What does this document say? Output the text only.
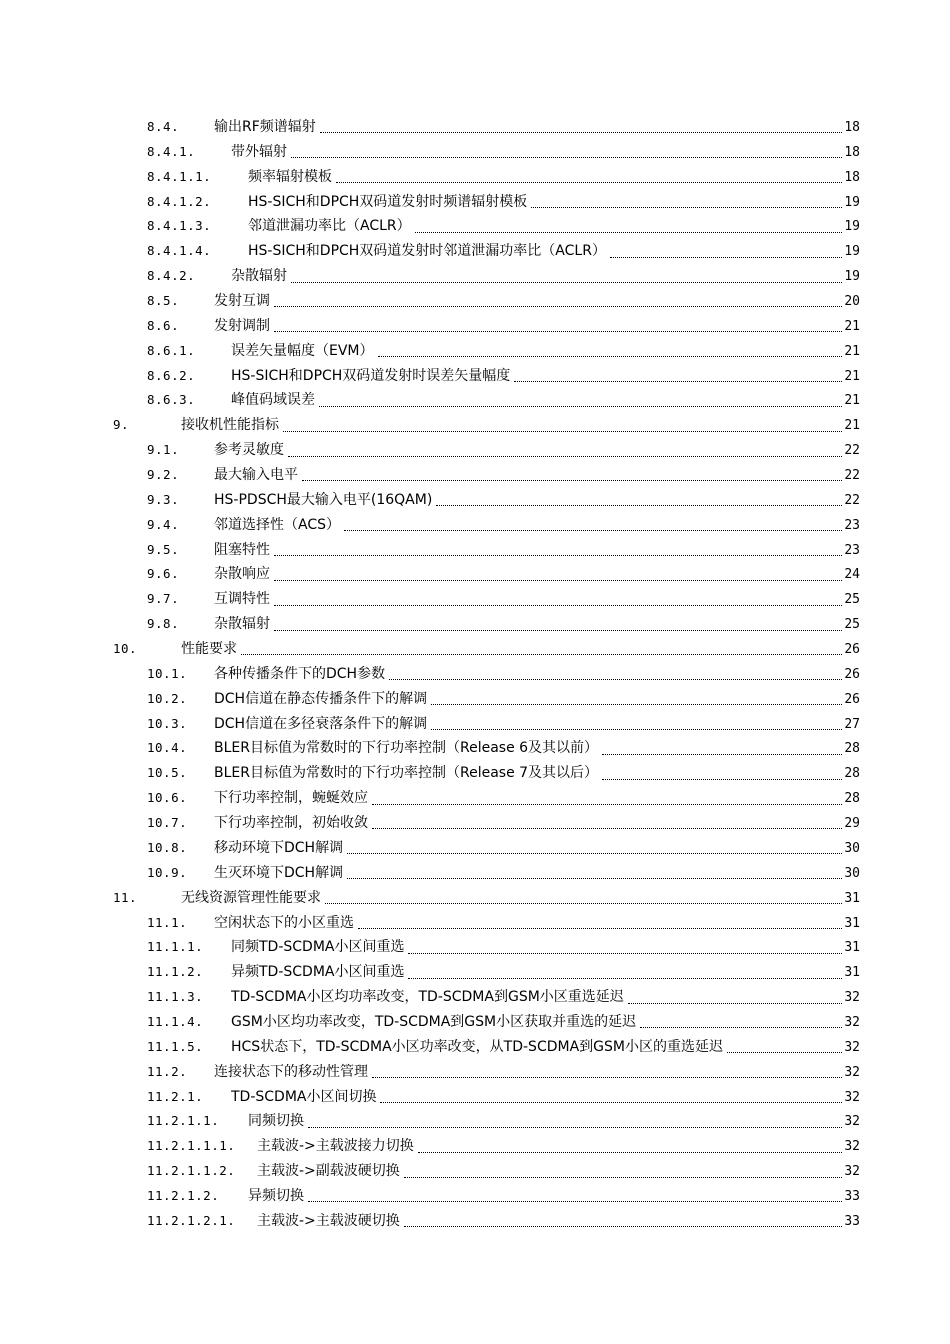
8.4. 输出RF频谱辐射	18
8.4.1.	带外辐射	18
8.4.1.1.	频率辐射模板	18
8.4.1.2.	HS-SICH和DPCH双码道发射时频谱辐射模板	19
8.4.1.3.	邻道泄漏功率比（ACLR）	19
8.4.1.4.	HS-SICH和DPCH双码道发射时邻道泄漏功率比（ACLR）	19
8.4.2.	杂散辐射	19
8.5. 发射互调	20
8.6. 发射调制	21
8.6.1.	误差矢量幅度（EVM）	21
8.6.2.	HS-SICH和DPCH双码道发射时误差矢量幅度	21
8.6.3.	峰值码域误差	21
9.	接收机性能指标	21
9.1. 参考灵敏度	22
9.2. 最大输入电平	22
9.3. HS-PDSCH最大输入电平(16QAM)	22
9.4. 邻道选择性（ACS）	23
9.5. 阻塞特性	23
9.6. 杂散响应	24
9.7. 互调特性	25
9.8. 杂散辐射	25
10.	性能要求	26
10.1. 各种传播条件下的DCH参数	26
10.2. DCH信道在静态传播条件下的解调	26
10.3. DCH信道在多径衰落条件下的解调	27
10.4. BLER目标值为常数时的下行功率控制（Release 6及其以前）	28
10.5. BLER目标值为常数时的下行功率控制（Release 7及其以后）	28
10.6. 下行功率控制，蜿蜒效应	28
10.7. 下行功率控制，初始收敛	29
10.8. 移动环境下DCH解调	30
10.9. 生灭环境下DCH解调	30
11.	无线资源管理性能要求	31
11.1. 空闲状态下的小区重选	31
11.1.1. 同频TD-SCDMA小区间重选	31
11.1.2. 异频TD-SCDMA小区间重选	31
11.1.3. TD-SCDMA小区均功率改变，TD-SCDMA到GSM小区重选延迟	32
11.1.4. GSM小区均功率改变，TD-SCDMA到GSM小区获取并重选的延迟	32
11.1.5. HCS状态下，TD-SCDMA小区功率改变，从TD-SCDMA到GSM小区的重选延迟	32
11.2. 连接状态下的移动性管理	32
11.2.1. TD-SCDMA小区间切换	32
11.2.1.1. 同频切换	32
11.2.1.1.1. 主载波->主载波接力切换	32
11.2.1.1.2. 主载波->副载波硬切换	32
11.2.1.2. 异频切换	33
11.2.1.2.1. 主载波->主载波硬切换	33
